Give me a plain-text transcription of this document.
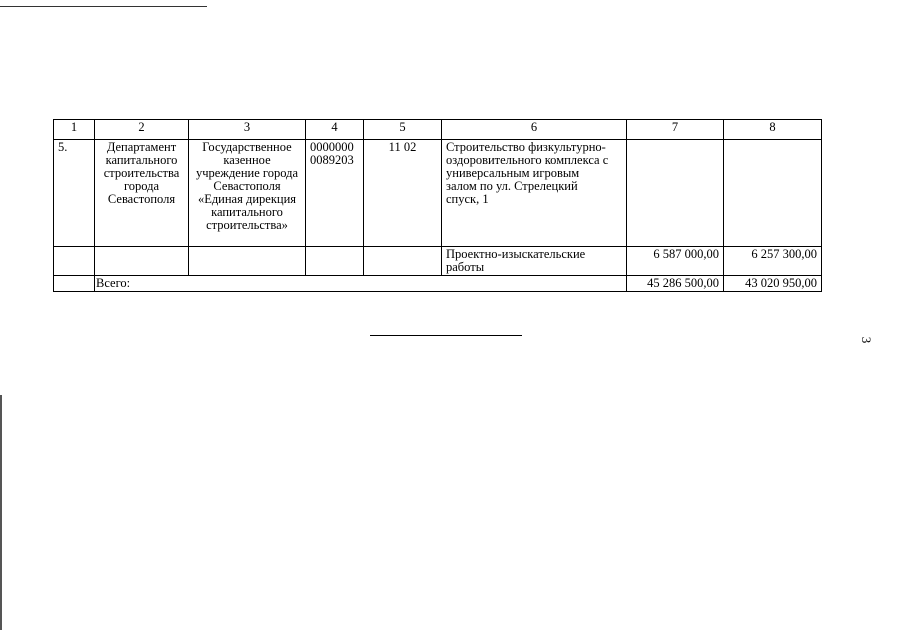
1	2	3	4	5	6	7	8
5.	Департамент капитального строительства города Севастополя	Государственное казенное учреждение города Севастополя «Единая дирекция капитального строительства»	0000000 0089203	11 02	Строительство физкультурно-оздоровительного комплекса с универсальным игровым залом по ул. Стрелецкий спуск, 1		
					Проектно-изыскательские работы	6 587 000,00	6 257 300,00
	Всего:					45 286 500,00	43 020 950,00
3
